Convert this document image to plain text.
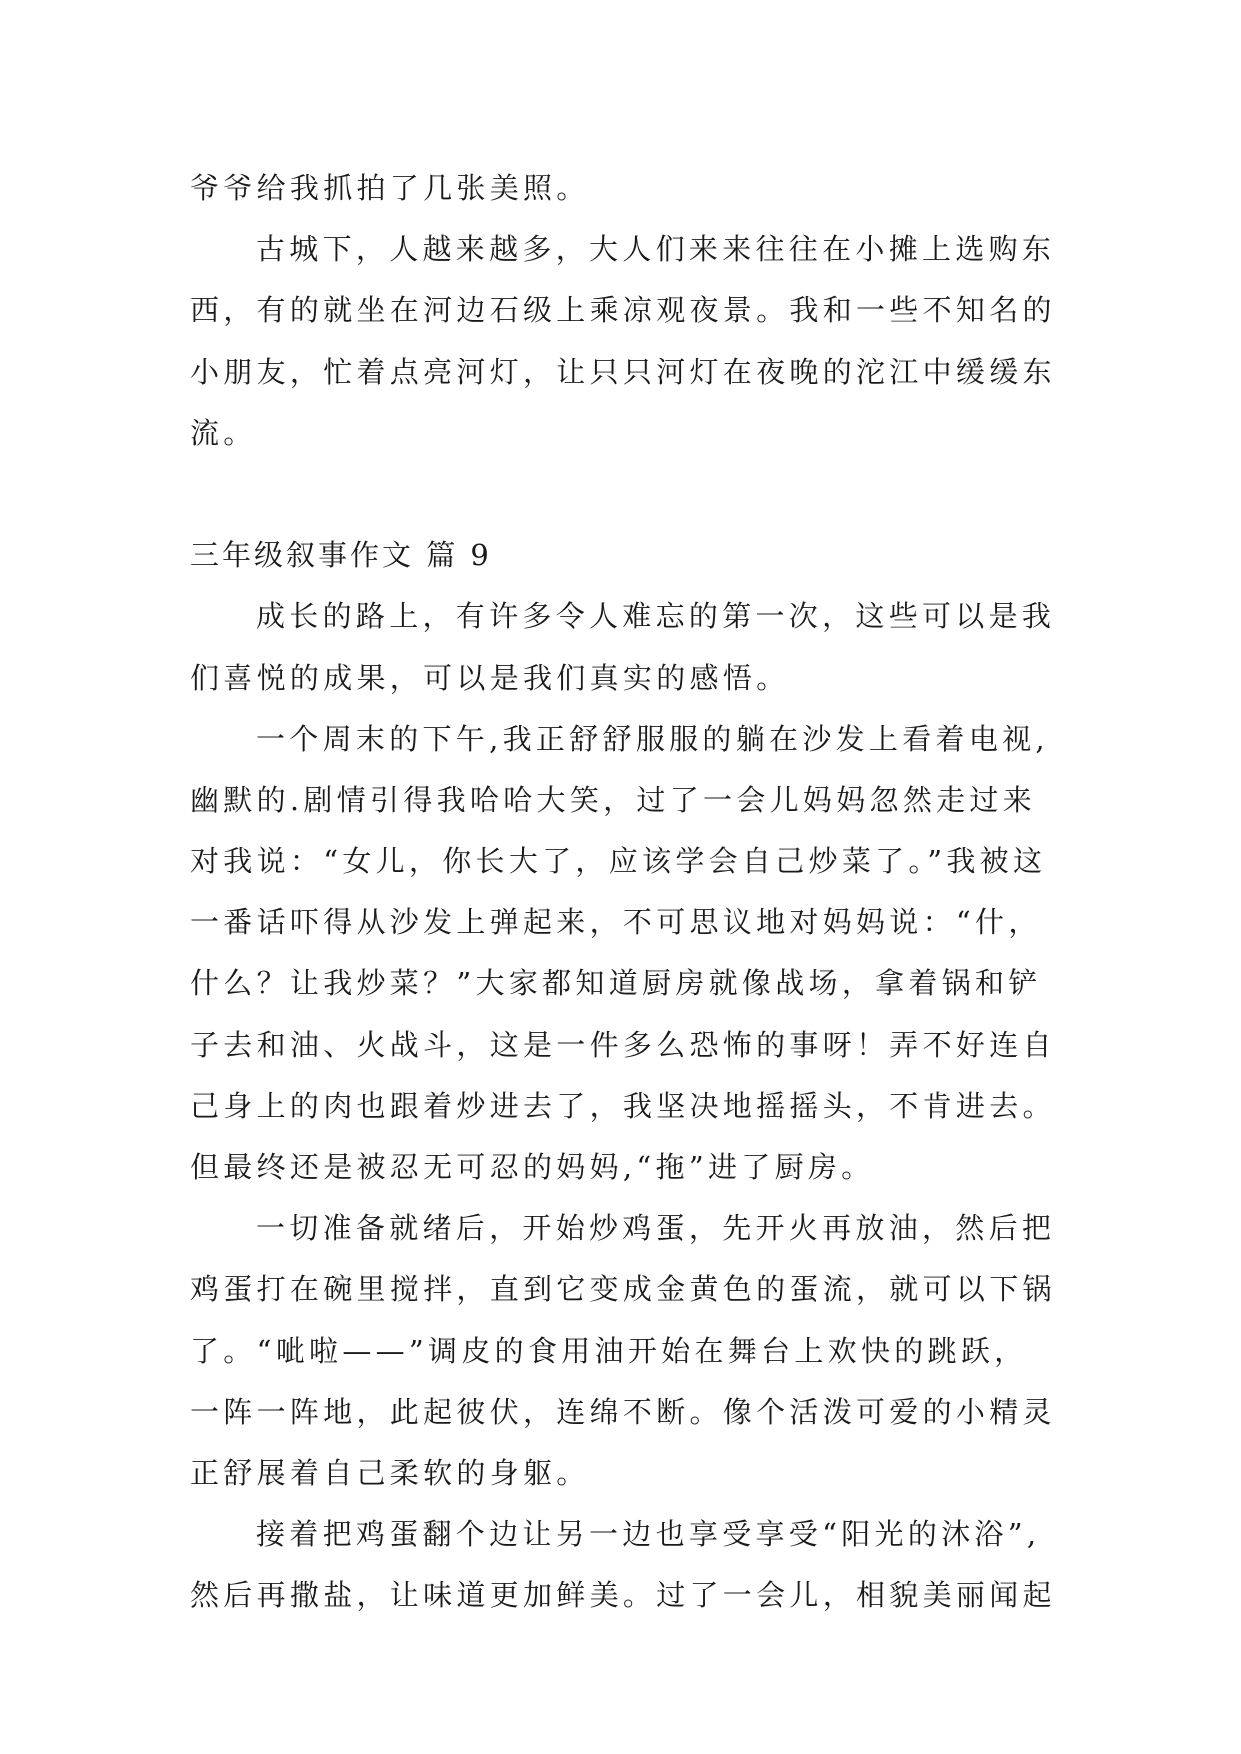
爷爷给我抓拍了几张美照。
古城下，人越来越多，大人们来来往往在小摊上选购东
西，有的就坐在河边石级上乘凉观夜景。我和一些不知名的
小朋友，忙着点亮河灯，让只只河灯在夜晚的沱江中缓缓东
流。
三年级叙事作文 篇 9
成长的路上，有许多令人难忘的第一次，这些可以是我
们喜悦的成果，可以是我们真实的感悟。
一个周末的下午,我正舒舒服服的躺在沙发上看着电视,
幽默的.剧情引得我哈哈大笑，过了一会儿妈妈忽然走过来
对我说：“女儿，你长大了，应该学会自己炒菜了。”我被这
一番话吓得从沙发上弹起来，不可思议地对妈妈说：“什，
什么？让我炒菜？”大家都知道厨房就像战场，拿着锅和铲
子去和油、火战斗，这是一件多么恐怖的事呀！弄不好连自
己身上的肉也跟着炒进去了，我坚决地摇摇头，不肯进去。
但最终还是被忍无可忍的妈妈,“拖”进了厨房。
一切准备就绪后，开始炒鸡蛋，先开火再放油，然后把
鸡蛋打在碗里搅拌，直到它变成金黄色的蛋流，就可以下锅
了。“呲啦——”调皮的食用油开始在舞台上欢快的跳跃，
一阵一阵地，此起彼伏，连绵不断。像个活泼可爱的小精灵
正舒展着自己柔软的身躯。
接着把鸡蛋翻个边让另一边也享受享受“阳光的沐浴”,
然后再撒盐，让味道更加鲜美。过了一会儿，相貌美丽闻起
